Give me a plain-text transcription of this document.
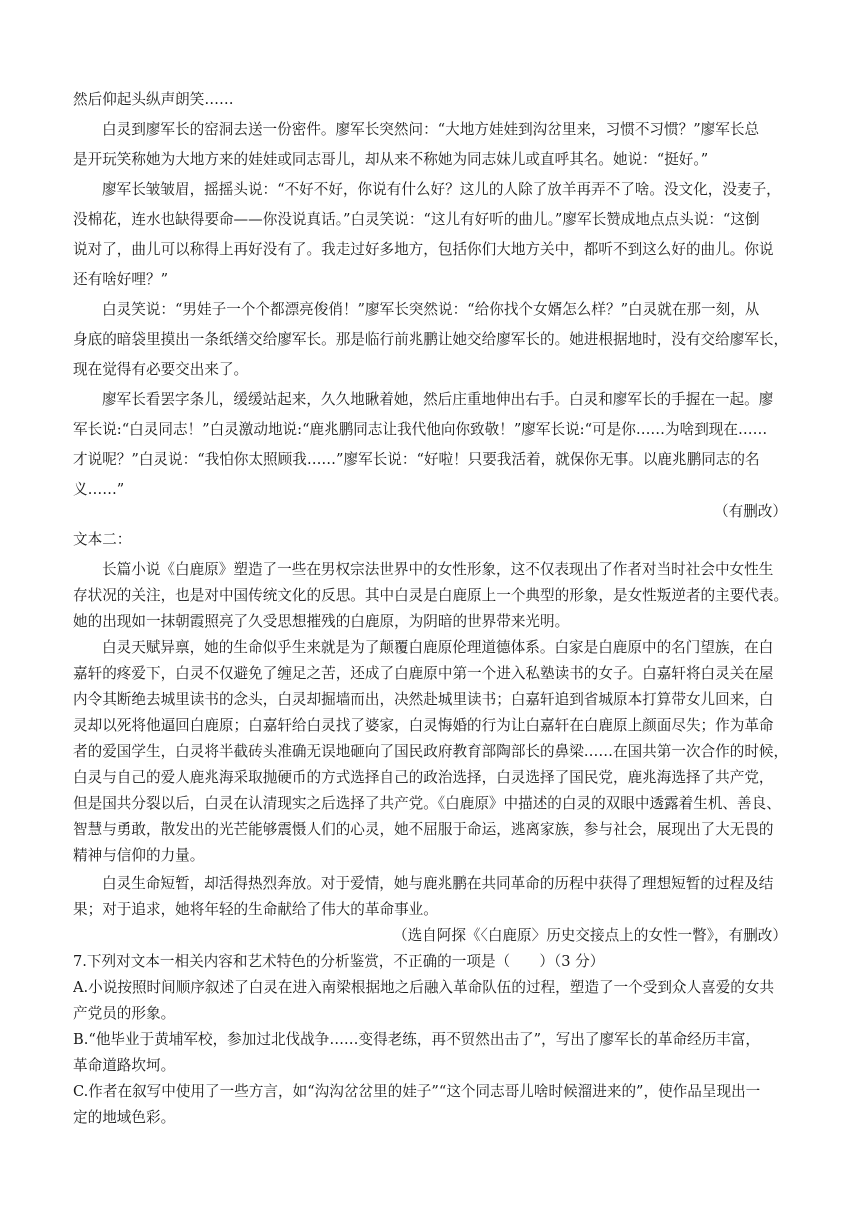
然后仰起头纵声朗笑……
白灵到廖军长的窑洞去送一份密件。廖军长突然问：“大地方娃娃到沟岔里来，习惯不习惯？”廖军长总
是开玩笑称她为大地方来的娃娃或同志哥儿，却从来不称她为同志妹儿或直呼其名。她说：“挺好。”
廖军长皱皱眉，摇摇头说：“不好不好，你说有什么好？这儿的人除了放羊再弄不了啥。没文化，没麦子，
没棉花，连水也缺得要命——你没说真话。”白灵笑说：“这儿有好听的曲儿。”廖军长赞成地点点头说：“这倒
说对了，曲儿可以称得上再好没有了。我走过好多地方，包括你们大地方关中，都听不到这么好的曲儿。你说
还有啥好哩？”
白灵笑说：“男娃子一个个都漂亮俊俏！”廖军长突然说：“给你找个女婿怎么样？”白灵就在那一刻，从
身底的暗袋里摸出一条纸缮交给廖军长。那是临行前兆鹏让她交给廖军长的。她进根据地时，没有交给廖军长，
现在觉得有必要交出来了。
廖军长看罢字条儿，缓缓站起来，久久地瞅着她，然后庄重地伸出右手。白灵和廖军长的手握在一起。廖
军长说:“白灵同志！”白灵激动地说:“鹿兆鹏同志让我代他向你致敬！”廖军长说:“可是你……为啥到现在……
才说呢？”白灵说：“我怕你太照顾我……”廖军长说：“好啦！只要我活着，就保你无事。以鹿兆鹏同志的名
义……”
（有删改）
文本二：
长篇小说《白鹿原》塑造了一些在男权宗法世界中的女性形象，这不仅表现出了作者对当时社会中女性生
存状况的关注，也是对中国传统文化的反思。其中白灵是白鹿原上一个典型的形象，是女性叛逆者的主要代表。
她的出现如一抹朝霞照亮了久受思想摧残的白鹿原，为阴暗的世界带来光明。
白灵天赋异禀，她的生命似乎生来就是为了颠覆白鹿原伦理道德体系。白家是白鹿原中的名门望族，在白
嘉轩的疼爱下，白灵不仅避免了缠足之苦，还成了白鹿原中第一个进入私塾读书的女子。白嘉轩将白灵关在屋
内令其断绝去城里读书的念头，白灵却掘墙而出，决然赴城里读书；白嘉轩追到省城原本打算带女儿回来，白
灵却以死将他逼回白鹿原；白嘉轩给白灵找了婆家，白灵悔婚的行为让白嘉轩在白鹿原上颜面尽失；作为革命
者的爱国学生，白灵将半截砖头准确无误地砸向了国民政府教育部陶部长的鼻梁……在国共第一次合作的时候，
白灵与自己的爱人鹿兆海采取抛硬币的方式选择自己的政治选择，白灵选择了国民党，鹿兆海选择了共产党，
但是国共分裂以后，白灵在认清现实之后选择了共产党。《白鹿原》中描述的白灵的双眼中透露着生机、善良、
智慧与勇敢，散发出的光芒能够震慑人们的心灵，她不屈服于命运，逃离家族，参与社会，展现出了大无畏的
精神与信仰的力量。
白灵生命短暂，却活得热烈奔放。对于爱情，她与鹿兆鹏在共同革命的历程中获得了理想短暂的过程及结
果；对于追求，她将年轻的生命献给了伟大的革命事业。
（选自阿探《〈白鹿原〉历史交接点上的女性一瞥》，有删改）
7.下列对文本一相关内容和艺术特色的分析鉴赏，不正确的一项是（　　）（3 分）
A.小说按照时间顺序叙述了白灵在进入南梁根据地之后融入革命队伍的过程，塑造了一个受到众人喜爱的女共
产党员的形象。
B.“他毕业于黄埔军校，参加过北伐战争……变得老练，再不贸然出击了”，写出了廖军长的革命经历丰富，
革命道路坎坷。
C.作者在叙写中使用了一些方言，如“沟沟岔岔里的娃子”“这个同志哥儿啥时候溜进来的”，使作品呈现出一
定的地域色彩。
